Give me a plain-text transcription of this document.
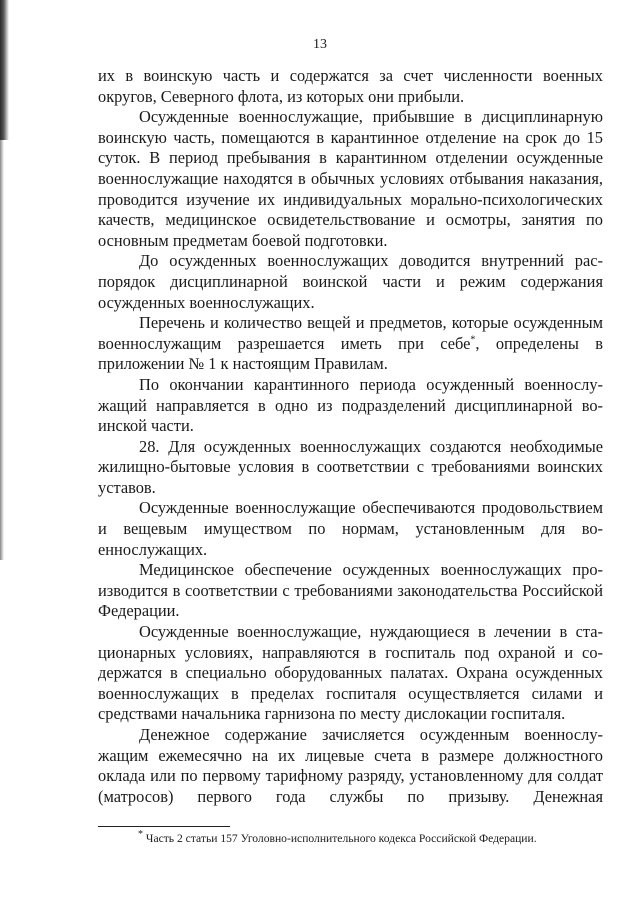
13

их в воинскую часть и содержатся за счет численности военных округов, Северного флота, из которых они прибыли.

Осужденные военнослужащие, прибывшие в дисциплинарную воинскую часть, помещаются в карантинное отделение на срок до 15 суток. В период пребывания в карантинном отделении осужденные военнослужащие находятся в обычных условиях отбывания наказания, проводится изучение их индивидуальных морально-психологических качеств, медицинское освидетельствование и осмотры, занятия по основным предметам боевой подготовки.

До осужденных военнослужащих доводится внутренний распорядок дисциплинарной воинской части и режим содержания осужденных военнослужащих.

Перечень и количество вещей и предметов, которые осужденным военнослужащим разрешается иметь при себе*, определены в приложении № 1 к настоящим Правилам.

По окончании карантинного периода осужденный военнослужащий направляется в одно из подразделений дисциплинарной воинской части.

28. Для осужденных военнослужащих создаются необходимые жилищно-бытовые условия в соответствии с требованиями воинских уставов.

Осужденные военнослужащие обеспечиваются продовольствием и вещевым имуществом по нормам, установленным для военнослужащих.

Медицинское обеспечение осужденных военнослужащих производится в соответствии с требованиями законодательства Российской Федерации.

Осужденные военнослужащие, нуждающиеся в лечении в стационарных условиях, направляются в госпиталь под охраной и содержатся в специально оборудованных палатах. Охрана осужденных военнослужащих в пределах госпиталя осуществляется силами и средствами начальника гарнизона по месту дислокации госпиталя.

Денежное содержание зачисляется осужденным военнослужащим ежемесячно на их лицевые счета в размере должностного оклада или по первому тарифному разряду, установленному для солдат (матросов) первого года службы по призыву. Денежная

* Часть 2 статьи 157 Уголовно-исполнительного кодекса Российской Федерации.
